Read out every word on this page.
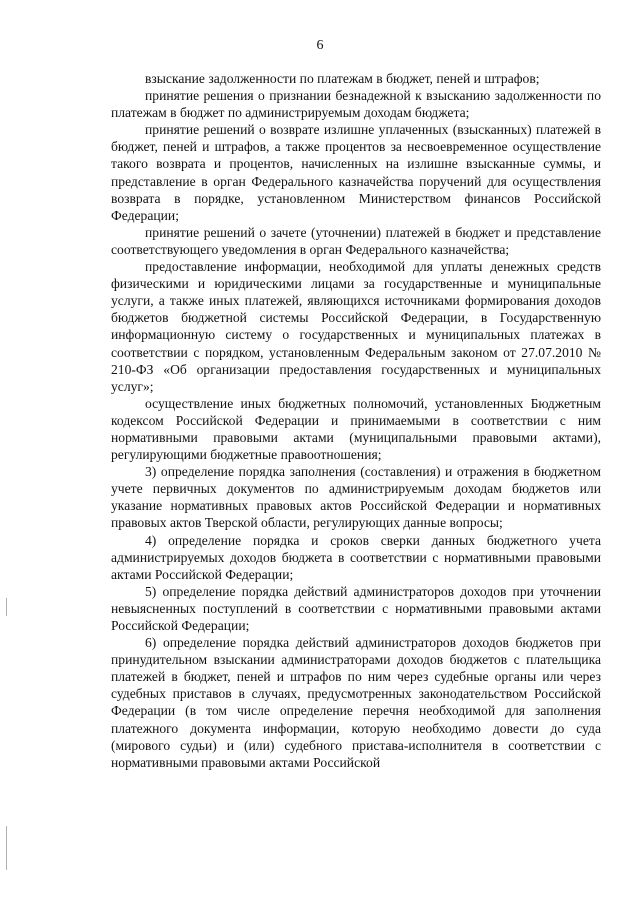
6

взыскание задолженности по платежам в бюджет, пеней и штрафов;

принятие решения о признании безнадежной к взысканию задолженности по платежам в бюджет по администрируемым доходам бюджета;

принятие решений о возврате излишне уплаченных (взысканных) платежей в бюджет, пеней и штрафов, а также процентов за несвоевременное осуществление такого возврата и процентов, начисленных на излишне взысканные суммы, и представление в орган Федерального казначейства поручений для осуществления возврата в порядке, установленном Министерством финансов Российской Федерации;

принятие решений о зачете (уточнении) платежей в бюджет и представление соответствующего уведомления в орган Федерального казначейства;

предоставление информации, необходимой для уплаты денежных средств физическими и юридическими лицами за государственные и муниципальные услуги, а также иных платежей, являющихся источниками формирования доходов бюджетов бюджетной системы Российской Федерации, в Государственную информационную систему о государственных и муниципальных платежах в соответствии с порядком, установленным Федеральным законом от 27.07.2010 № 210-ФЗ «Об организации предоставления государственных и муниципальных услуг»;

осуществление иных бюджетных полномочий, установленных Бюджетным кодексом Российской Федерации и принимаемыми в соответствии с ним нормативными правовыми актами (муниципальными правовыми актами), регулирующими бюджетные правоотношения;

3) определение порядка заполнения (составления) и отражения в бюджетном учете первичных документов по администрируемым доходам бюджетов или указание нормативных правовых актов Российской Федерации и нормативных правовых актов Тверской области, регулирующих данные вопросы;

4) определение порядка и сроков сверки данных бюджетного учета администрируемых доходов бюджета в соответствии с нормативными правовыми актами Российской Федерации;

5) определение порядка действий администраторов доходов при уточнении невыясненных поступлений в соответствии с нормативными правовыми актами Российской Федерации;

6) определение порядка действий администраторов доходов бюджетов при принудительном взыскании администраторами доходов бюджетов с плательщика платежей в бюджет, пеней и штрафов по ним через судебные органы или через судебных приставов в случаях, предусмотренных законодательством Российской Федерации (в том числе определение перечня необходимой для заполнения платежного документа информации, которую необходимо довести до суда (мирового судьи) и (или) судебного пристава-исполнителя в соответствии с нормативными правовыми актами Российской
